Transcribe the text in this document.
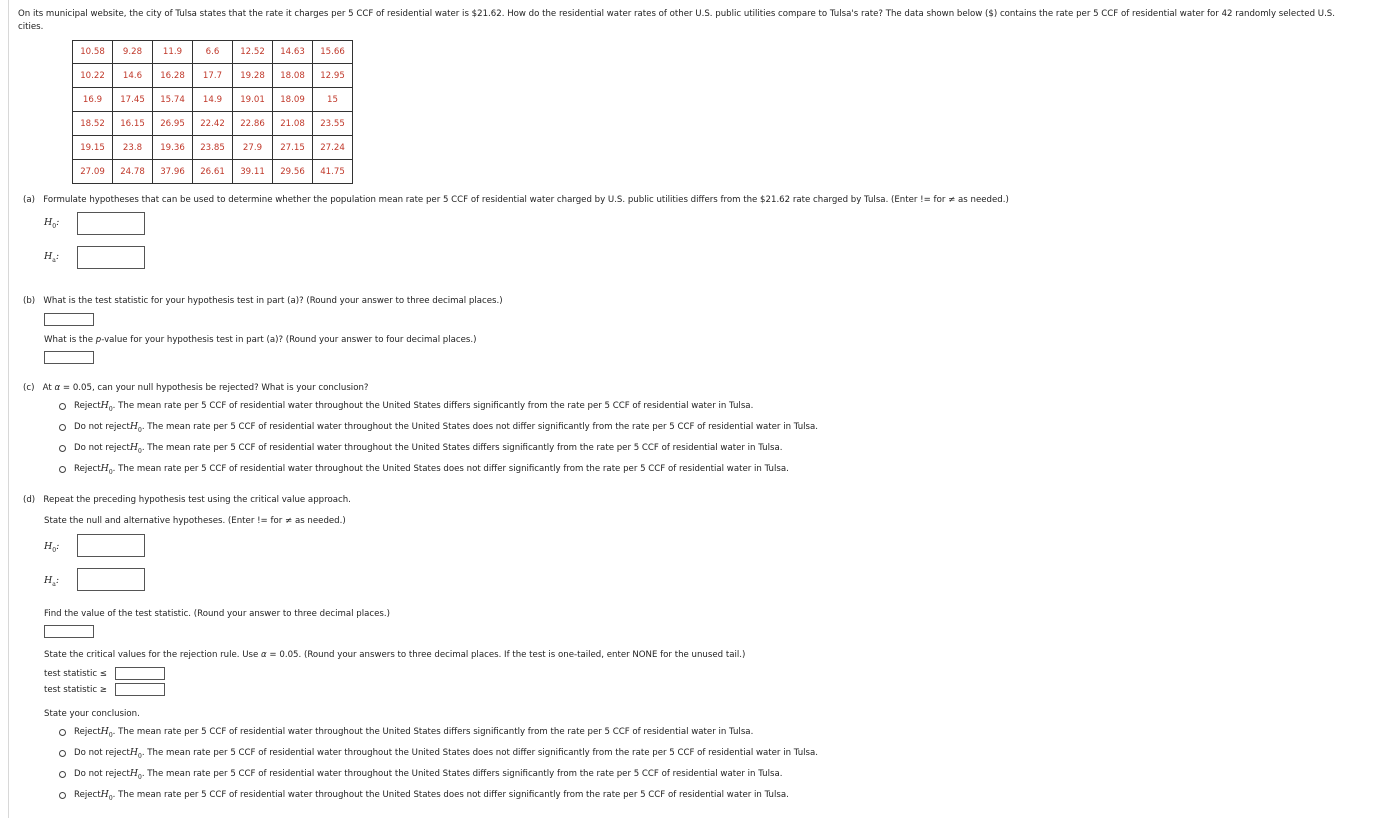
On its municipal website, the city of Tulsa states that the rate it charges per 5 CCF of residential water is $21.62. How do the residential water rates of other U.S. public utilities compare to Tulsa's rate? The data shown below ($) contains the rate per 5 CCF of residential water for 42 randomly selected U.S. cities.
10.58	9.28	11.9	6.6	12.52	14.63	15.66
10.22	14.6	16.28	17.7	19.28	18.08	12.95
16.9	17.45	15.74	14.9	19.01	18.09	15
18.52	16.15	26.95	22.42	22.86	21.08	23.55
19.15	23.8	19.36	23.85	27.9	27.15	27.24
27.09	24.78	37.96	26.61	39.11	29.56	41.75
(a) Formulate hypotheses that can be used to determine whether the population mean rate per 5 CCF of residential water charged by U.S. public utilities differs from the $21.62 rate charged by Tulsa. (Enter != for ≠ as needed.)
$H_0$:
$H_a$:
(b) What is the test statistic for your hypothesis test in part (a)? (Round your answer to three decimal places.)
What is the p-value for your hypothesis test in part (a)? (Round your answer to four decimal places.)
(c) At α = 0.05, can your null hypothesis be rejected? What is your conclusion?
Reject $H_0$ . The mean rate per 5 CCF of residential water throughout the United States differs significantly from the rate per 5 CCF of residential water in Tulsa.
Do not reject $H_0$ . The mean rate per 5 CCF of residential water throughout the United States does not differ significantly from the rate per 5 CCF of residential water in Tulsa.
Do not reject $H_0$ . The mean rate per 5 CCF of residential water throughout the United States differs significantly from the rate per 5 CCF of residential water in Tulsa.
Reject $H_0$ . The mean rate per 5 CCF of residential water throughout the United States does not differ significantly from the rate per 5 CCF of residential water in Tulsa.
(d) Repeat the preceding hypothesis test using the critical value approach.
State the null and alternative hypotheses. (Enter != for ≠ as needed.)
$H_0$:
$H_a$:
Find the value of the test statistic. (Round your answer to three decimal places.)
State the critical values for the rejection rule. Use α = 0.05. (Round your answers to three decimal places. If the test is one-tailed, enter NONE for the unused tail.)
test statistic ≤
test statistic ≥
State your conclusion.
Reject $H_0$ . The mean rate per 5 CCF of residential water throughout the United States differs significantly from the rate per 5 CCF of residential water in Tulsa.
Do not reject $H_0$ . The mean rate per 5 CCF of residential water throughout the United States does not differ significantly from the rate per 5 CCF of residential water in Tulsa.
Do not reject $H_0$ . The mean rate per 5 CCF of residential water throughout the United States differs significantly from the rate per 5 CCF of residential water in Tulsa.
Reject $H_0$ . The mean rate per 5 CCF of residential water throughout the United States does not differ significantly from the rate per 5 CCF of residential water in Tulsa.
